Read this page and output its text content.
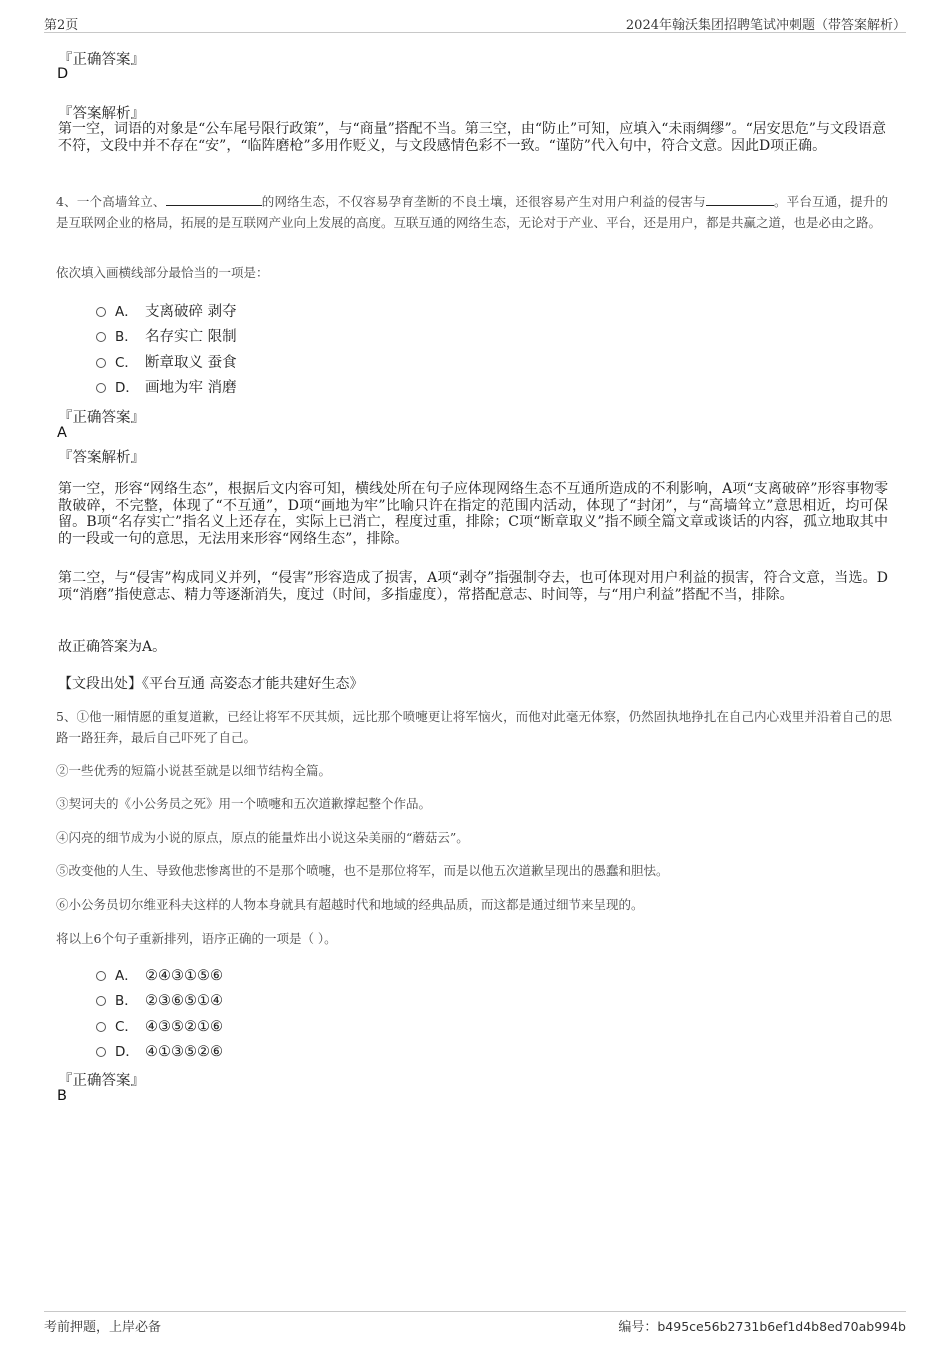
第2页	2024年翰沃集团招聘笔试冲刺题（带答案解析）
『正确答案』
D
『答案解析』
第一空，词语的对象是“公车尾号限行政策”，与“商量”搭配不当。第三空，由“防止”可知，应填入“未雨绸缪”。“居安思危”与文段语意不符，文段中并不存在“安”，“临阵磨枪”多用作贬义，与文段感情色彩不一致。“谨防”代入句中，符合文意。因此D项正确。
4、一个高墙耸立、	的网络生态，不仅容易孕育垄断的不良土壤，还很容易产生对用户利益的侵害与	。平台互通，提升的是互联网企业的格局，拓展的是互联网产业向上发展的高度。互联互通的网络生态，无论对于产业、平台，还是用户，都是共赢之道，也是必由之路。
依次填入画横线部分最恰当的一项是：
A． 支离破碎 剥夺
B． 名存实亡 限制
C． 断章取义 蚕食
D． 画地为牢 消磨
『正确答案』
A
『答案解析』
第一空，形容“网络生态”，根据后文内容可知，横线处所在句子应体现网络生态不互通所造成的不利影响，A项“支离破碎”形容事物零散破碎，不完整，体现了“不互通”，D项“画地为牢”比喻只许在指定的范围内活动，体现了“封闭”，与“高墙耸立”意思相近，均可保留。B项“名存实亡”指名义上还存在，实际上已消亡，程度过重，排除；C项“断章取义”指不顾全篇文章或谈话的内容，孤立地取其中的一段或一句的意思，无法用来形容“网络生态”，排除。
第二空，与“侵害”构成同义并列，“侵害”形容造成了损害，A项“剥夺”指强制夺去，也可体现对用户利益的损害，符合文意，当选。D项“消磨”指使意志、精力等逐渐消失，度过（时间，多指虚度），常搭配意志、时间等，与“用户利益”搭配不当，排除。
故正确答案为A。
【文段出处】《平台互通 高姿态才能共建好生态》
5、①他一厢情愿的重复道歉，已经让将军不厌其烦，远比那个喷嚏更让将军恼火，而他对此毫无体察，仍然固执地挣扎在自己内心戏里并沿着自己的思路一路狂奔，最后自己吓死了自己。
②一些优秀的短篇小说甚至就是以细节结构全篇。
③契诃夫的《小公务员之死》用一个喷嚏和五次道歉撑起整个作品。
④闪亮的细节成为小说的原点，原点的能量炸出小说这朵美丽的“蘑菇云”。
⑤改变他的人生、导致他悲惨离世的不是那个喷嚏，也不是那位将军，而是以他五次道歉呈现出的愚蠢和胆怯。
⑥小公务员切尔维亚科夫这样的人物本身就具有超越时代和地域的经典品质，而这都是通过细节来呈现的。
将以上6个句子重新排列，语序正确的一项是（ ）。
A． ②④③①⑤⑥
B． ②③⑥⑤①④
C． ④③⑤②①⑥
D． ④①③⑤②⑥
『正确答案』
B
考前押题，上岸必备	编号：b495ce56b2731b6ef1d4b8ed70ab994b
